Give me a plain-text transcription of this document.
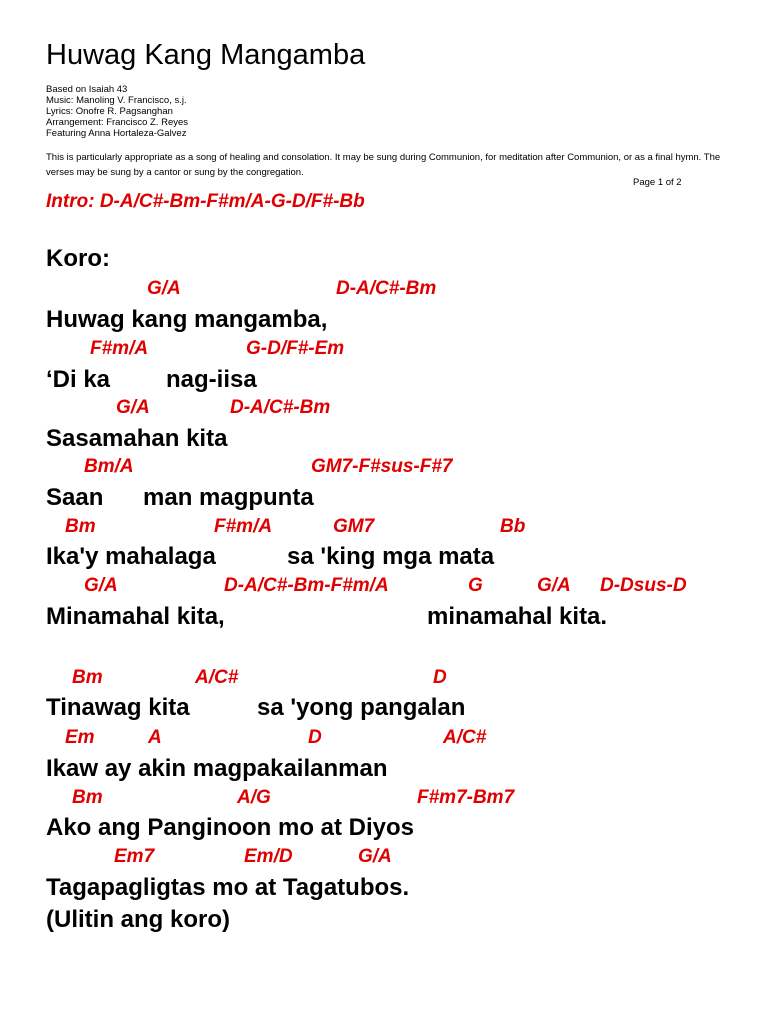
Huwag Kang Mangamba
Based on Isaiah 43
Music: Manoling V. Francisco, s.j.
Lyrics: Onofre R. Pagsanghan
Arrangement: Francisco Z. Reyes
Featuring Anna Hortaleza-Galvez
This is particularly appropriate as a song of healing and consolation. It may be sung during Communion, for meditation after Communion, or as a final hymn. The verses may be sung by a cantor or sung by the congregation.
Page 1 of 2
Intro: D-A/C#-Bm-F#m/A-G-D/F#-Bb
Koro:
G/A	D-A/C#-Bm
Huwag kang mangamba,
F#m/A	G-D/F#-Em
‘Di ka nag-iisa
G/A	D-A/C#-Bm
Sasamahan kita
Bm/A	GM7-F#sus-F#7
Saan man magpunta
Bm	F#m/A	GM7	Bb
Ika'y mahalaga	sa 'king mga mata
G/A	D-A/C#-Bm-F#m/A	G	G/A D-Dsus-D
Minamahal kita,	minamahal kita.
Bm	A/C#	D
Tinawag kita	sa 'yong pangalan
Em	A	D	A/C#
Ikaw ay akin magpakailanman
Bm	A/G	F#m7-Bm7
Ako ang Panginoon mo at Diyos
Em7	Em/D	G/A
Tagapagligtas mo at Tagatubos.
(Ulitin ang koro)
